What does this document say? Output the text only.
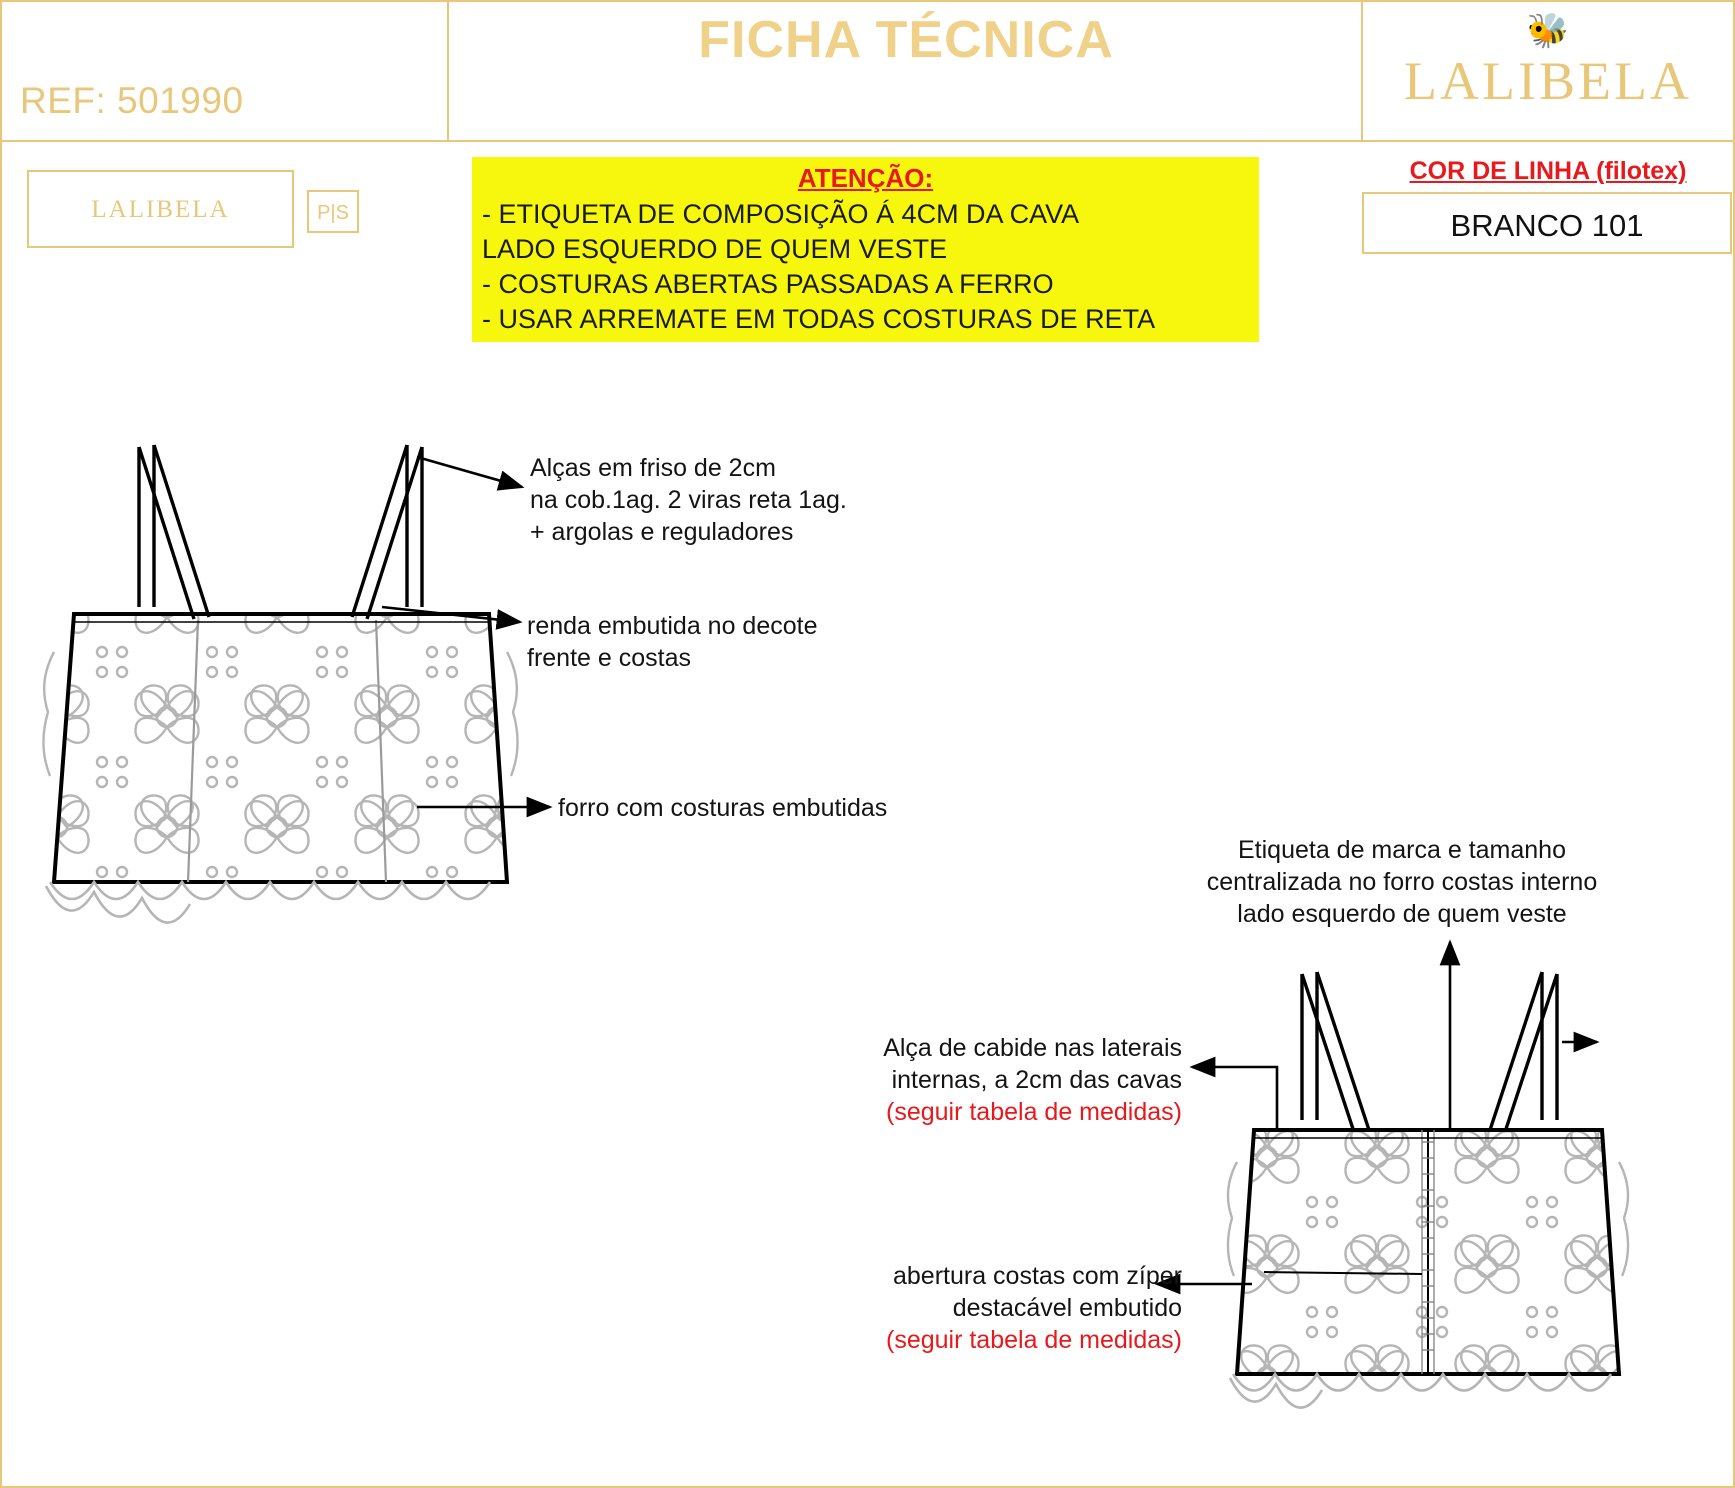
REF: 501990
FICHA TÉCNICA	🐝
LALIBELA
LALIBELA	P|S
ATENÇÃO:
- ETIQUETA DE COMPOSIÇÃO Á 4CM DA CAVA
LADO ESQUERDO DE QUEM VESTE
- COSTURAS ABERTAS PASSADAS A FERRO
- USAR ARREMATE EM TODAS COSTURAS DE RETA
COR DE LINHA (filotex)
BRANCO 101
Alças em friso de 2cm
na cob.1ag. 2 viras reta 1ag.
+ argolas e reguladores
renda embutida no decote
frente e costas
forro com costuras embutidas
Etiqueta de marca e tamanho
centralizada no forro costas interno
lado esquerdo de quem veste
Alça de cabide nas laterais
internas, a 2cm das cavas
(seguir tabela de medidas)
abertura costas com zíper
destacável embutido
(seguir tabela de medidas)
